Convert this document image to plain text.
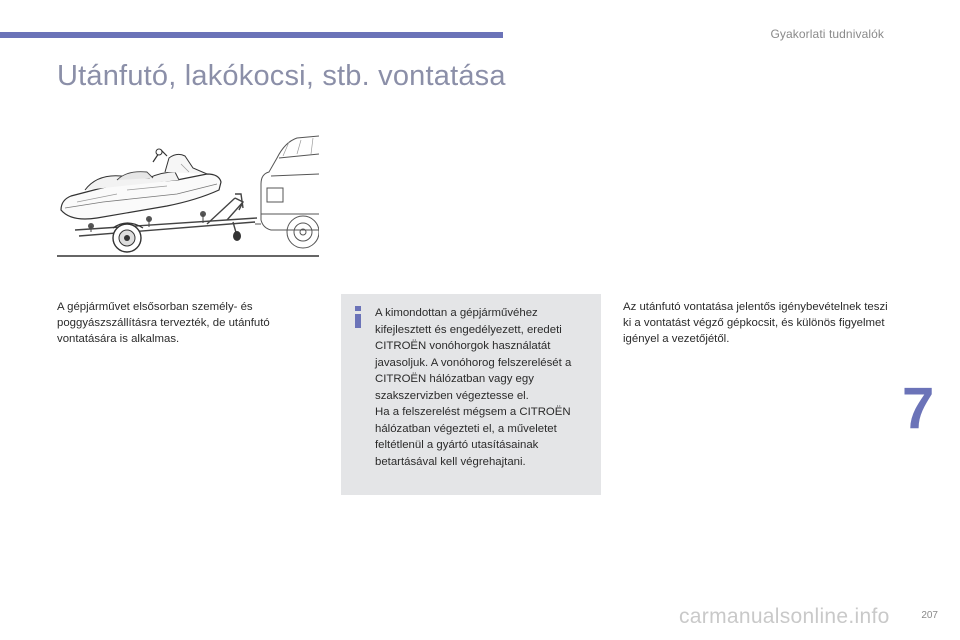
Gyakorlati tudnivalók
Utánfutó, lakókocsi, stb. vontatása

A gépjárművet elsősorban személy- és poggyászszállításra tervezték, de utánfutó vontatására is alkalmas.

A kimondottan a gépjárművéhez kifejlesztett és engedélyezett, eredeti CITROËN vonóhorgok használatát javasoljuk. A vonóhorog felszerelését a CITROËN hálózatban vagy egy szakszervizben végeztesse el.

Ha a felszerelést mégsem a CITROËN hálózatban végezteti el, a műveletet feltétlenül a gyártó utasításainak betartásával kell végrehajtani.

Az utánfutó vontatása jelentős igénybevételnek teszi ki a vontatást végző gépkocsit, és különös figyelmet igényel a vezetőjétől.

7
carmanualsonline.info	207
